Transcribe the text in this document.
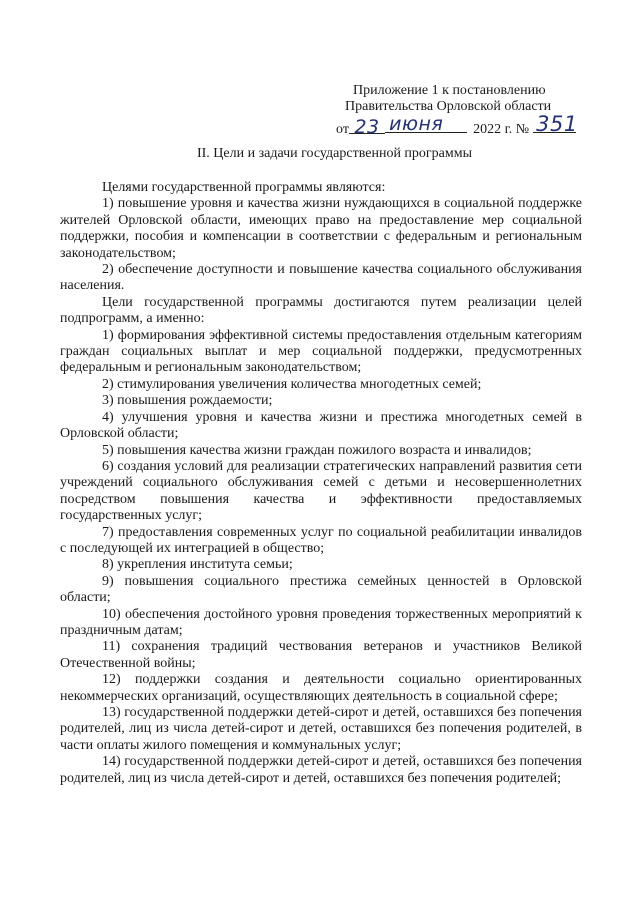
Приложение 1 к постановлению
Правительства Орловской области
от 23 июня 2022 г. № 351
II. Цели и задачи государственной программы

Целями государственной программы являются:

1) повышение уровня и качества жизни нуждающихся в социальной поддержке жителей Орловской области, имеющих право на предоставление мер социальной поддержки, пособия и компенсации в соответствии с федеральным и региональным законодательством;

2) обеспечение доступности и повышение качества социального обслуживания населения.

Цели государственной программы достигаются путем реализации целей подпрограмм, а именно:

1) формирования эффективной системы предоставления отдельным категориям граждан социальных выплат и мер социальной поддержки, предусмотренных федеральным и региональным законодательством;

2) стимулирования увеличения количества многодетных семей;

3) повышения рождаемости;

4) улучшения уровня и качества жизни и престижа многодетных семей в Орловской области;

5) повышения качества жизни граждан пожилого возраста и инвалидов;

6) создания условий для реализации стратегических направлений развития сети учреждений социального обслуживания семей с детьми и несовершеннолетних посредством повышения качества и эффективности предоставляемых государственных услуг;

7) предоставления современных услуг по социальной реабилитации инвалидов с последующей их интеграцией в общество;

8) укрепления института семьи;

9) повышения социального престижа семейных ценностей в Орловской области;

10) обеспечения достойного уровня проведения торжественных мероприятий к праздничным датам;

11) сохранения традиций чествования ветеранов и участников Великой Отечественной войны;

12) поддержки создания и деятельности социально ориентированных некоммерческих организаций, осуществляющих деятельность в социальной сфере;

13) государственной поддержки детей-сирот и детей, оставшихся без попечения родителей, лиц из числа детей-сирот и детей, оставшихся без попечения родителей, в части оплаты жилого помещения и коммунальных услуг;

14) государственной поддержки детей-сирот и детей, оставшихся без попечения родителей, лиц из числа детей-сирот и детей, оставшихся без попечения родителей;
